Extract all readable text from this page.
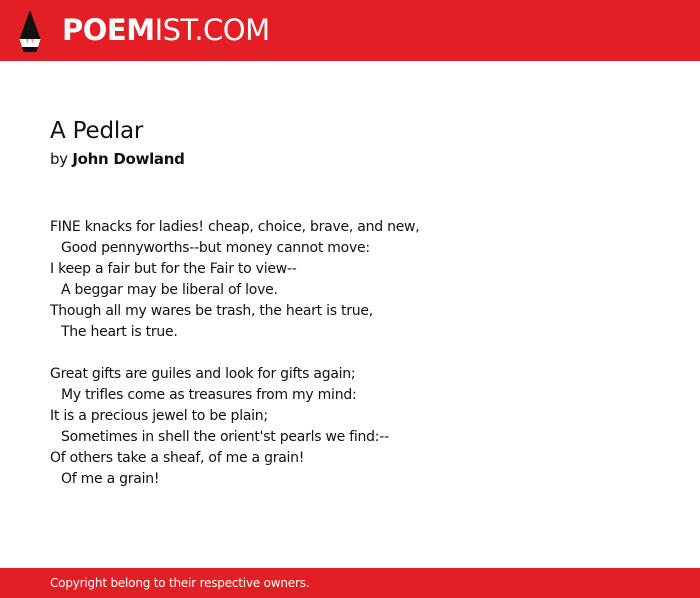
POEMIST.COM
A Pedlar
by John Dowland
FINE knacks for ladies! cheap, choice, brave, and new,
Good pennyworths--but money cannot move:
I keep a fair but for the Fair to view--
A beggar may be liberal of love.
Though all my wares be trash, the heart is true,
The heart is true.
Great gifts are guiles and look for gifts again;
My trifles come as treasures from my mind:
It is a precious jewel to be plain;
Sometimes in shell the orient'st pearls we find:--
Of others take a sheaf, of me a grain!
Of me a grain!
Copyright belong to their respective owners.
